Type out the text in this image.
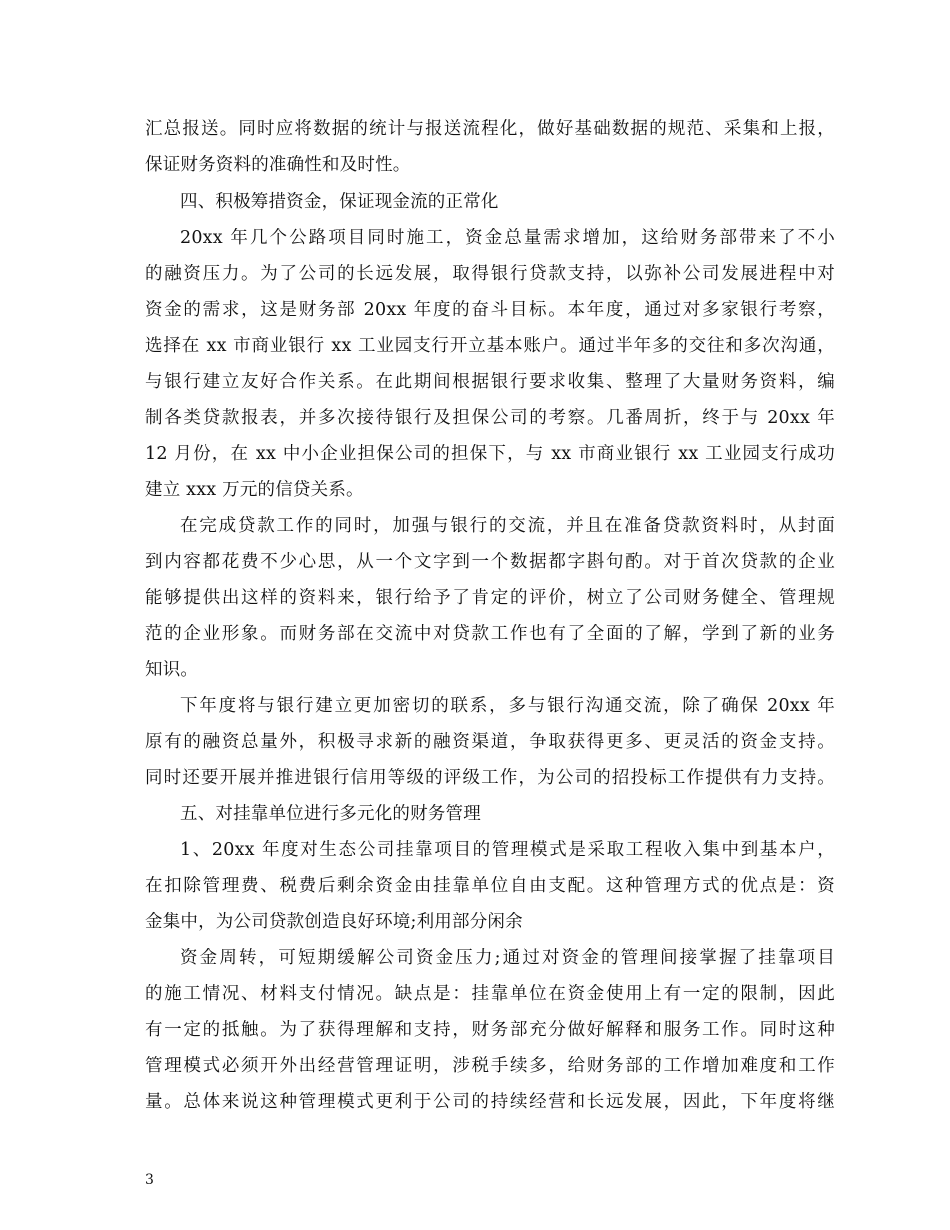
汇总报送。同时应将数据的统计与报送流程化，做好基础数据的规范、采集和上报，
保证财务资料的准确性和及时性。
四、积极筹措资金，保证现金流的正常化
20xx 年几个公路项目同时施工，资金总量需求增加，这给财务部带来了不小
的融资压力。为了公司的长远发展，取得银行贷款支持，以弥补公司发展进程中对
资金的需求，这是财务部 20xx 年度的奋斗目标。本年度，通过对多家银行考察，
选择在 xx 市商业银行 xx 工业园支行开立基本账户。通过半年多的交往和多次沟通，
与银行建立友好合作关系。在此期间根据银行要求收集、整理了大量财务资料，编
制各类贷款报表，并多次接待银行及担保公司的考察。几番周折，终于与 20xx 年
12 月份，在 xx 中小企业担保公司的担保下，与 xx 市商业银行 xx 工业园支行成功
建立 xxx 万元的信贷关系。
在完成贷款工作的同时，加强与银行的交流，并且在准备贷款资料时，从封面
到内容都花费不少心思，从一个文字到一个数据都字斟句酌。对于首次贷款的企业
能够提供出这样的资料来，银行给予了肯定的评价，树立了公司财务健全、管理规
范的企业形象。而财务部在交流中对贷款工作也有了全面的了解，学到了新的业务
知识。
下年度将与银行建立更加密切的联系，多与银行沟通交流，除了确保 20xx 年
原有的融资总量外，积极寻求新的融资渠道，争取获得更多、更灵活的资金支持。
同时还要开展并推进银行信用等级的评级工作，为公司的招投标工作提供有力支持。
五、对挂靠单位进行多元化的财务管理
1、20xx 年度对生态公司挂靠项目的管理模式是采取工程收入集中到基本户，
在扣除管理费、税费后剩余资金由挂靠单位自由支配。这种管理方式的优点是：资
金集中，为公司贷款创造良好环境;利用部分闲余
资金周转，可短期缓解公司资金压力;通过对资金的管理间接掌握了挂靠项目
的施工情况、材料支付情况。缺点是：挂靠单位在资金使用上有一定的限制，因此
有一定的抵触。为了获得理解和支持，财务部充分做好解释和服务工作。同时这种
管理模式必须开外出经营管理证明，涉税手续多，给财务部的工作增加难度和工作
量。总体来说这种管理模式更利于公司的持续经营和长远发展，因此，下年度将继
3
